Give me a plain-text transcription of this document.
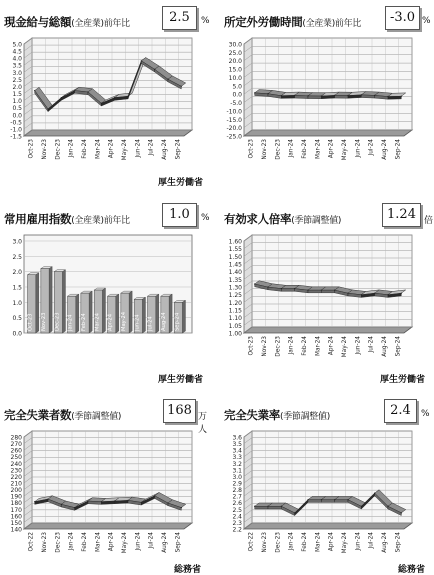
現金給与総額(全産業)前年比	2.5	%
5.0
4.5
4.0
3.5
3.0
2.5
2.0
1.5
1.0
0.5
0.0
-0.5
-1.0
-1.5
Oct-23 Nov-23 Dec-23 Jan-24 Feb-24 Mar-24 Apr-24 May-24 Jun-24 Jul-24 Aug-24 Sep-24
厚生労働省
所定外労働時間(全産業)前年比	-3.0 %
30.0
25.0
20.0
15.0
10.0
5.0
0.0
-5.0
-10.0
-15.0
-20.0
-25.0
Oct-23 Nov-23 Dec-23 Jan-24 Feb-24 Mar-24 Apr-24 May-24 Jun-24 Jul-24 Aug-24 Sep-24
常用雇用指数(全産業)前年比	1.0	%
3.0
2.5
2.0
1.5
1.0
0.5
0.0
Oct-23 Nov-23 Dec-23 Jan-24 Feb-24 Mar-24 Apr-24 May-24 Jun-24 Jul-24 Aug-24 Sep-24
厚生労働省
有効求人倍率(季節調整値)	1.24 倍
1.60
1.55
1.50
1.45
1.40
1.35
1.30
1.25
1.20
1.15
1.10
1.05
1.00
Oct-23 Nov-23 Dec-23 Jan-24 Feb-24 Mar-24 Apr-24 May-24 Jun-24 Jul-24 Aug-24 Sep-24
厚生労働省
完全失業者数(季節調整値)	168 万人
280
270
260
250
240
230
220
210
200
190
180
170
160
150
140
Oct-22 Nov-23 Dec-23 Jan-24 Feb-24 Mar-24 Apr-24 May-24 Jun-24 Jul-24 Aug-24 Sep-24
総務省
完全失業率(季節調整値)	2.4	%
3.6
3.5
3.4
3.3
3.2
3.1
3.0
2.9
2.8
2.7
2.6
2.5
2.4
2.3
2.2
Oct-22 Nov-23 Dec-23 Jan-24 Feb-24 Mar-24 Apr-24 May-24 Jun-24 Jul-24 Aug-24 Sep-24
総務省
